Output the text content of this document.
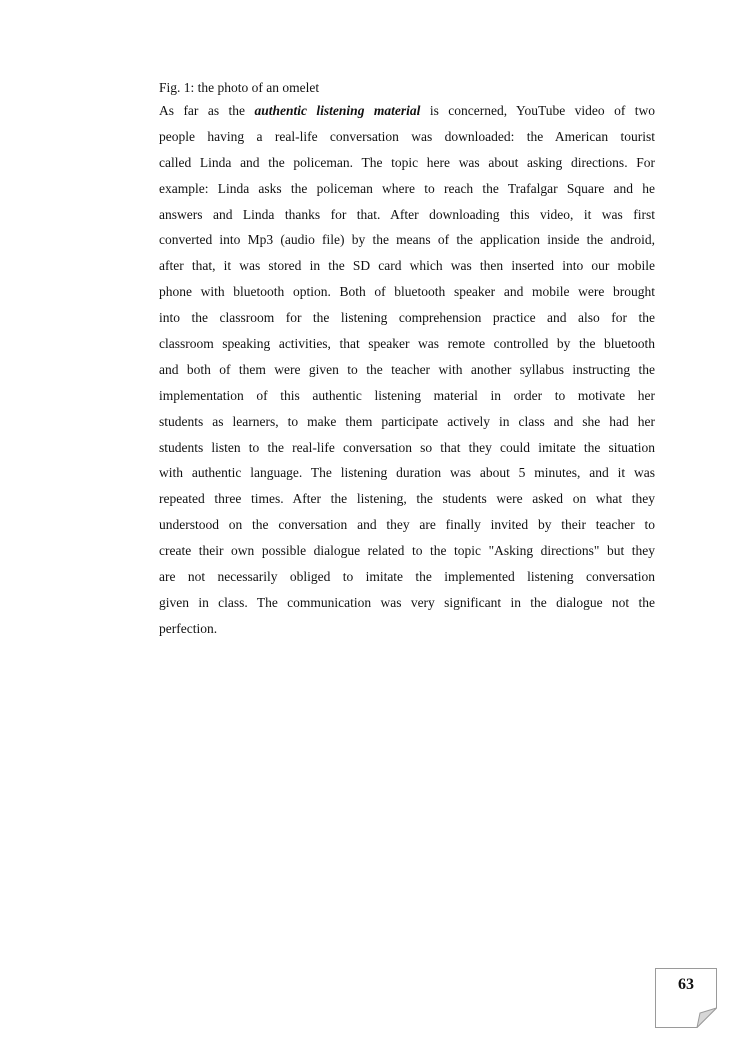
Fig. 1: the photo of an omelet
As far as the authentic listening material is concerned, YouTube video of two
people having a real-life conversation was downloaded: the American tourist
called Linda and the policeman. The topic here was about asking directions. For
example: Linda asks the policeman where to reach the Trafalgar Square and he
answers and Linda thanks for that. After downloading this video, it was first
converted into Mp3 (audio file) by the means of the application inside the android,
after that, it was stored in the SD card which was then inserted into our mobile
phone with bluetooth option. Both of bluetooth speaker and mobile were brought
into the classroom for the listening comprehension practice and also for the
classroom speaking activities, that speaker was remote controlled by the bluetooth
and both of them were given to the teacher with another syllabus instructing the
implementation of this authentic listening material in order to motivate her
students as learners, to make them participate actively in class and she had her
students listen to the real-life conversation so that they could imitate the situation
with authentic language. The listening duration was about 5 minutes, and it was
repeated three times. After the listening, the students were asked on what they
understood on the conversation and they are finally invited by their teacher to
create their own possible dialogue related to the topic "Asking directions" but they
are not necessarily obliged to imitate the implemented listening conversation
given in class. The communication was very significant in the dialogue not the
perfection.
63
